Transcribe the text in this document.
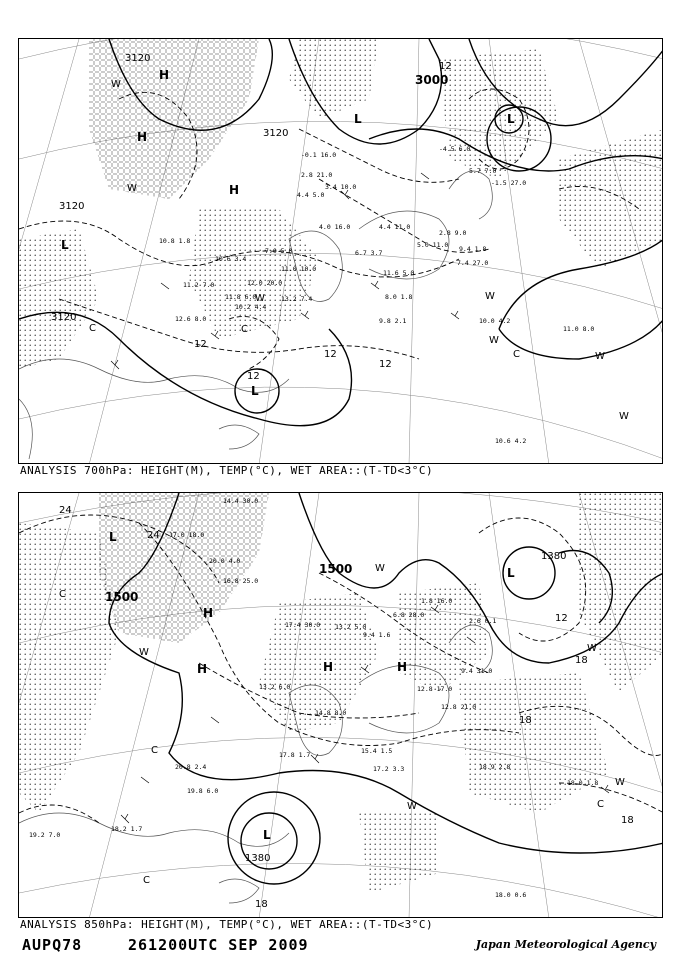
3120
3120
3120
3120
3000
12
12
12
12
12
H
H
H
L
L	L
L
W
W
W	W
W
W
W
C	C
C
-0.1 16.0
2.8 21.0
4.4 5.0
3.4 10.0
4.0 16.0	4.4 11.0
6.7 3.7
5.0 11.0
2.8 9.0
10.8 1.8
10.6 3.4
7.0 5.0
11.0 10.0
11.2 7.0
10.2 4.4
9.8 2.1
11.0 8.0
10.0 4.2
-4.5 6.0
5.7 7.0
-1.5 27.0
7.4 27.0
11.6 5.0
8.0 1.8
10.6 4.2
9.4 1.8
12.0 20.0
13.2 7.4
11.8 6.0
12.6 8.0
ANALYSIS 700hPa: HEIGHT(M), TEMP(°C), WET AREA::(T-TD<3°C)
1500
1500
1380
1380
24
24
12
18
18
18
18
L
H
H	H	H
L
L
W
W
W
W
W
C
C
C
C
14.4 30.0
17.0 18.0
20.0 4.0
16.8 25.0
17.4 30.0 13.2 5.0
9.4 1.6
6.8 28.0
1.8 16.0
12.8 17.0
15.4 1.5
17.2 3.3	18.9 2.8
18.0 1.8
18.0 0.6
19.2 7.0
18.2 1.7
19.8 6.0
20.8 2.4
17.8 1.7
14.8 8.0
13.2 6.0
2.6 0.1
9.4 31.0
12.8 21.0
ANALYSIS 850hPa: HEIGHT(M), TEMP(°C), WET AREA::(T-TD<3°C)
AUPQ78	261200UTC SEP 2009	Japan Meteorological Agency
